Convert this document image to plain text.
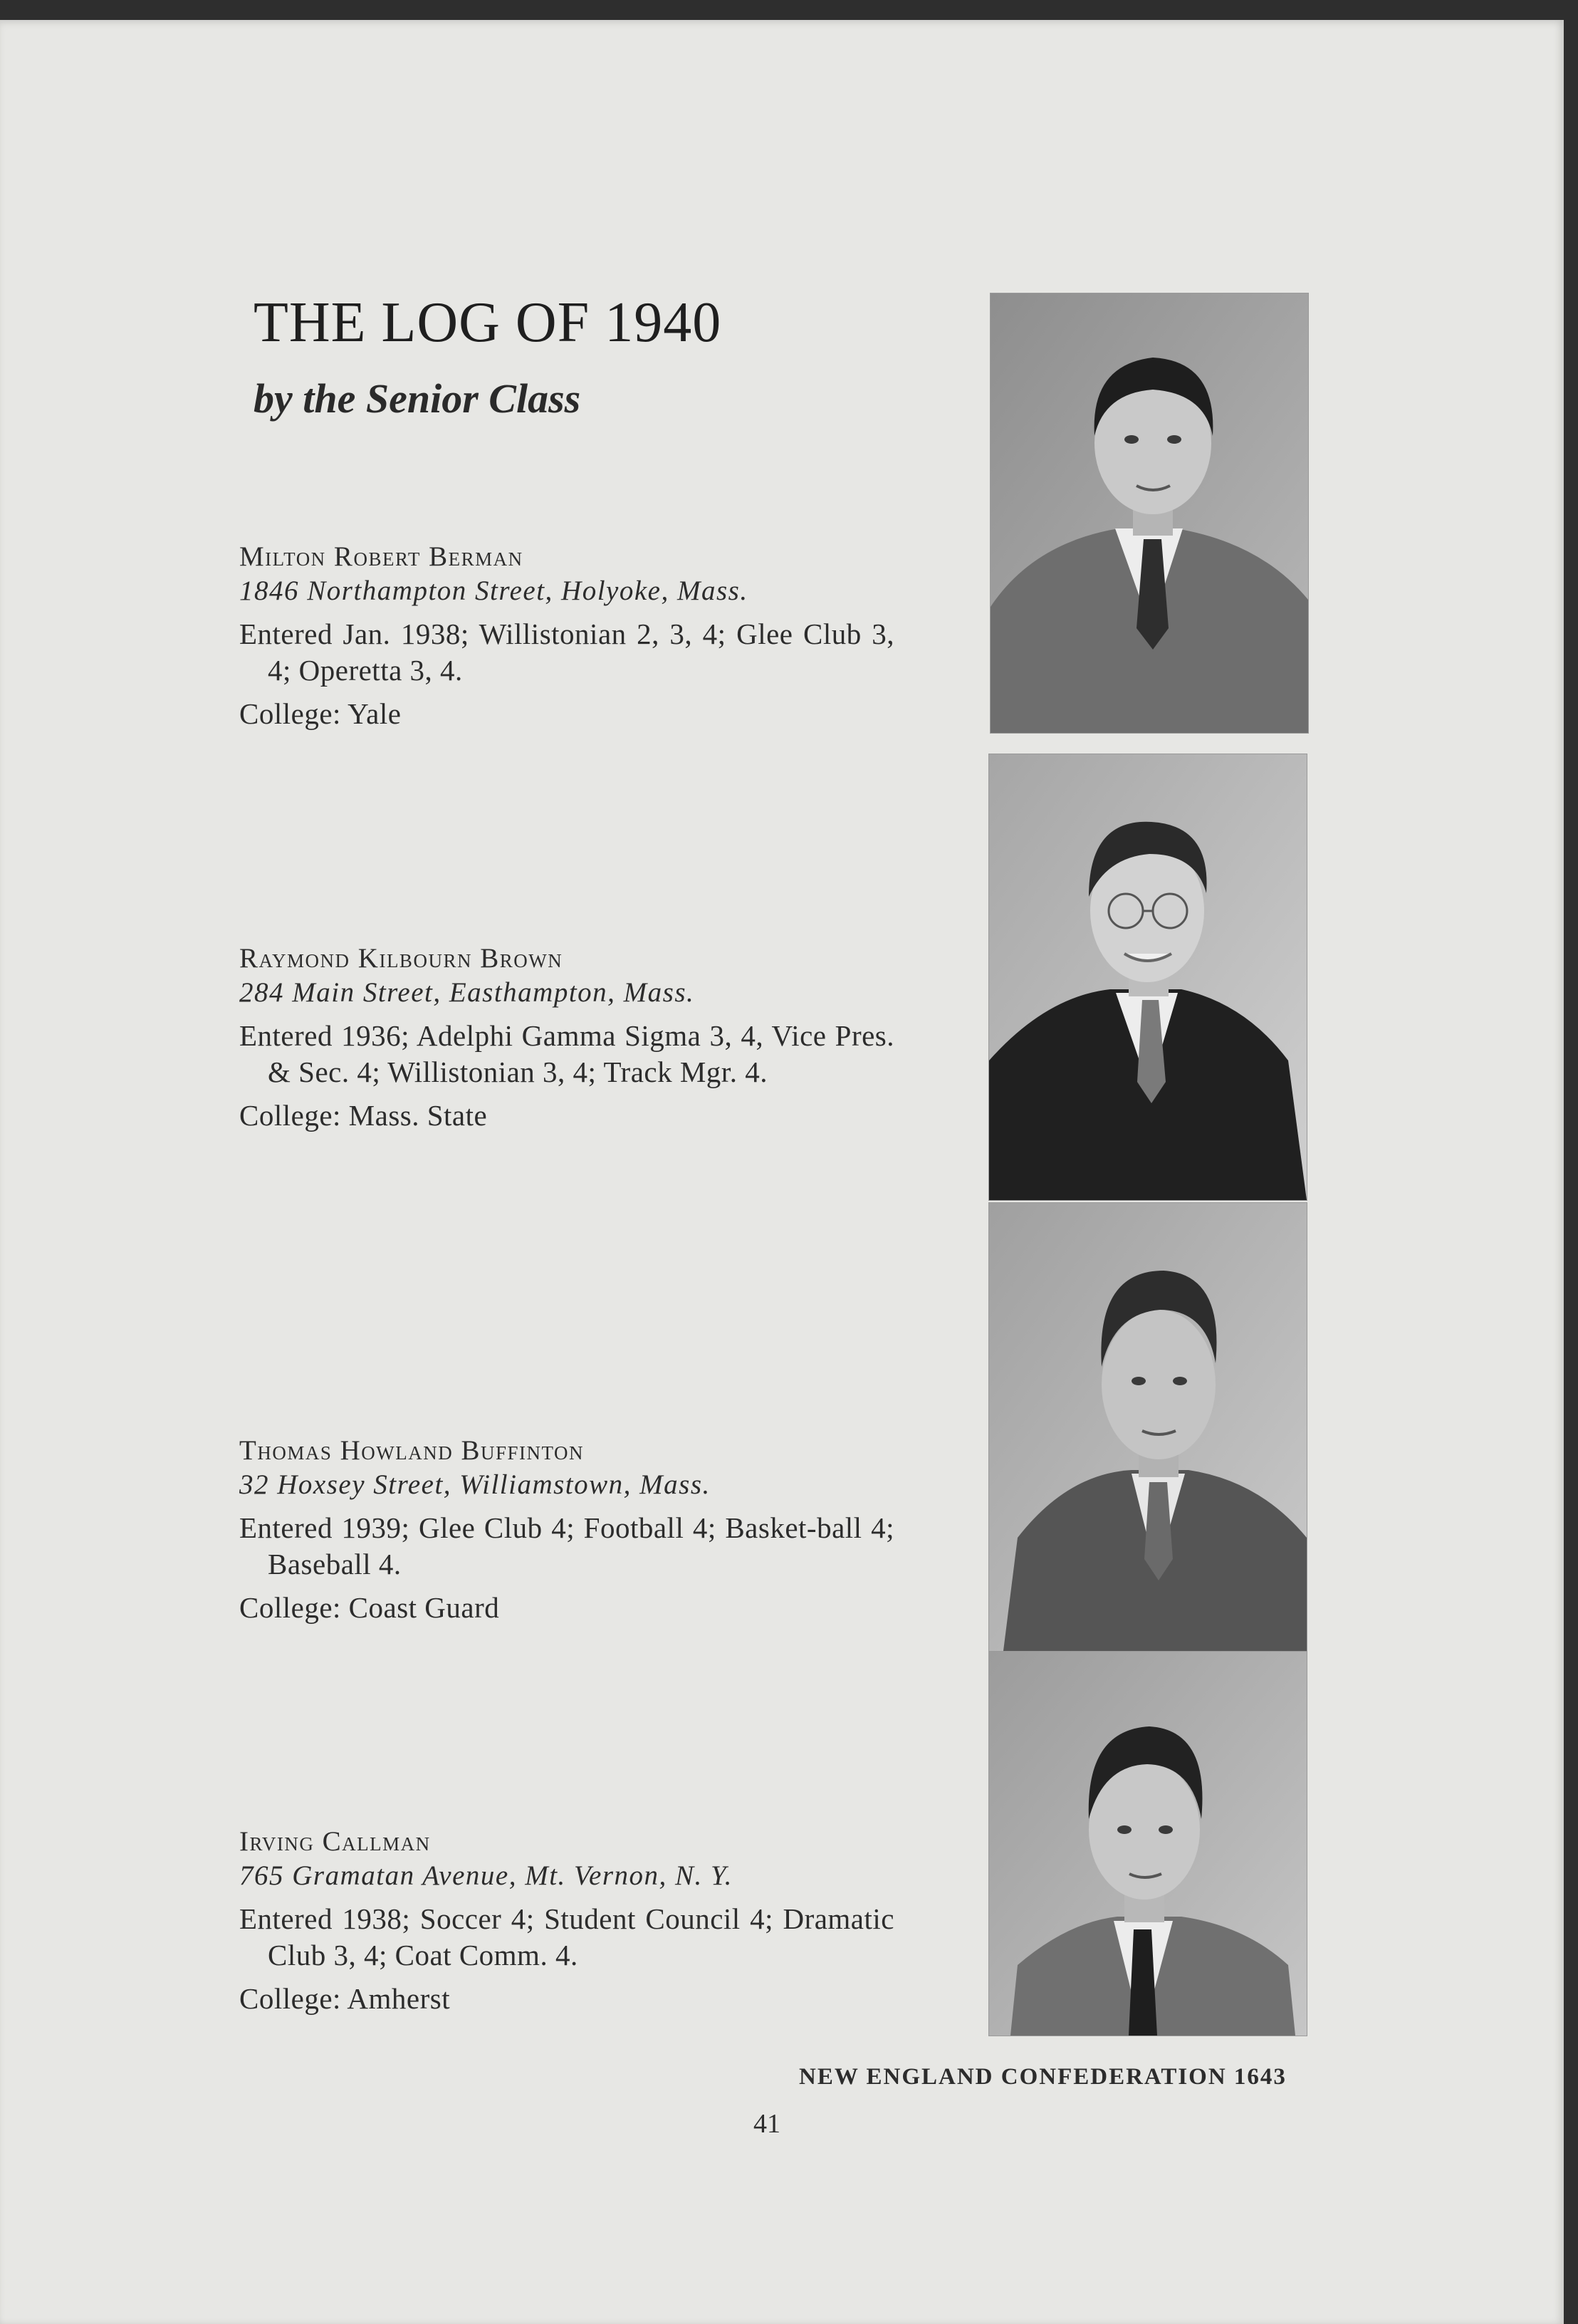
THE LOG OF 1940
by the Senior Class
Milton Robert Berman
1846 Northampton Street, Holyoke, Mass.
Entered Jan. 1938; Willistonian 2, 3, 4; Glee Club 3, 4; Operetta 3, 4.
College: Yale
Raymond Kilbourn Brown
284 Main Street, Easthampton, Mass.
Entered 1936; Adelphi Gamma Sigma 3, 4, Vice Pres. & Sec. 4; Willistonian 3, 4; Track Mgr. 4.
College: Mass. State
Thomas Howland Buffinton
32 Hoxsey Street, Williamstown, Mass.
Entered 1939; Glee Club 4; Football 4; Basket-ball 4; Baseball 4.
College: Coast Guard
Irving Callman
765 Gramatan Avenue, Mt. Vernon, N. Y.
Entered 1938; Soccer 4; Student Council 4; Dramatic Club 3, 4; Coat Comm. 4.
College: Amherst
NEW ENGLAND CONFEDERATION 1643
41
